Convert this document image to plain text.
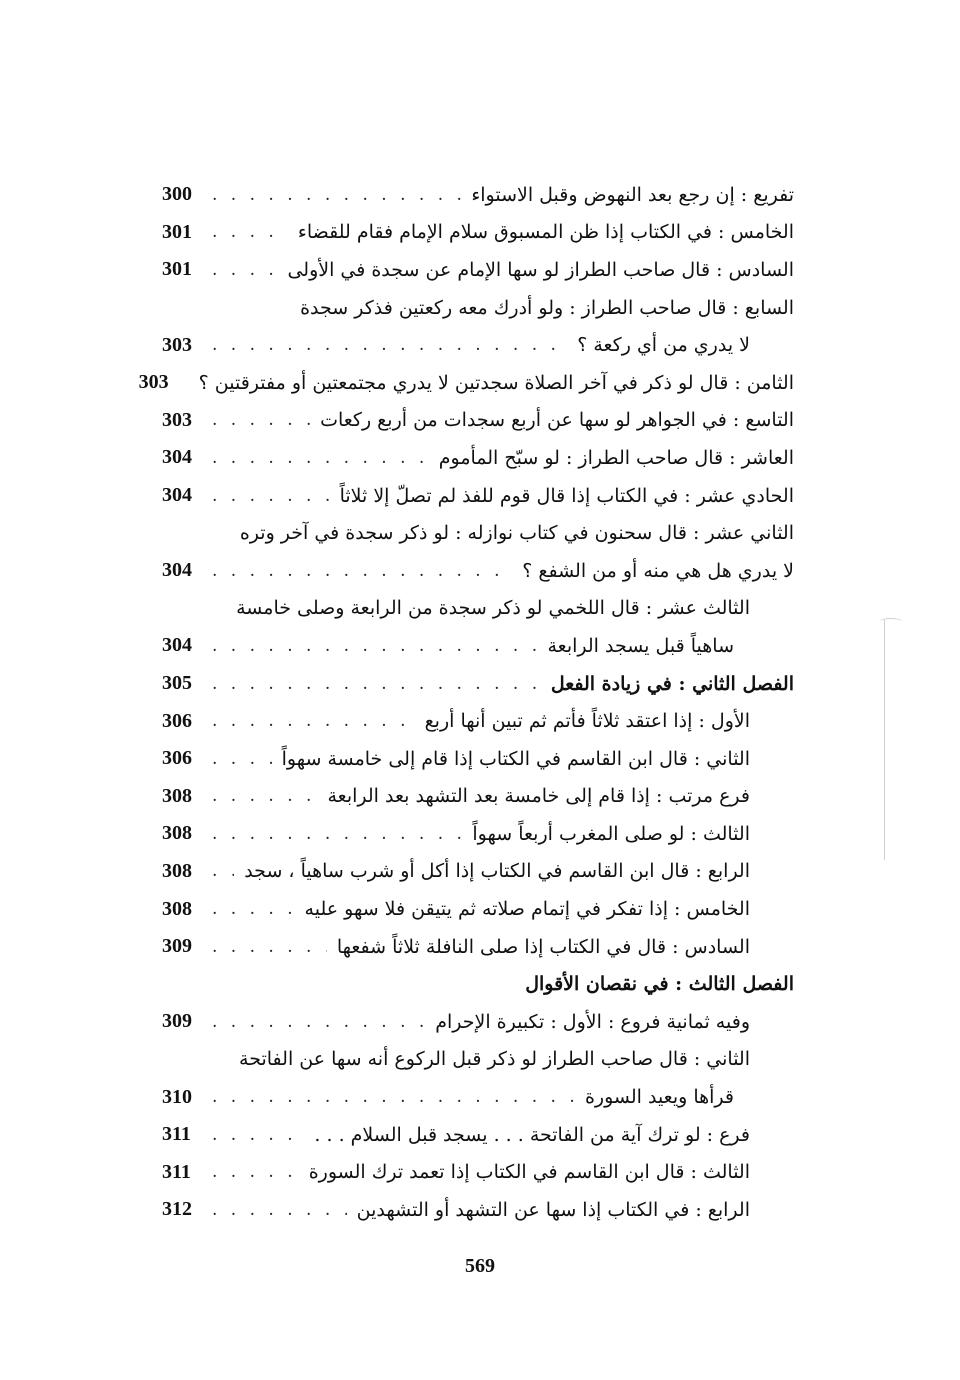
تفريع : إن رجع بعد النهوض وقبل الاستواء
. . .
300
الخامس : في الكتاب إذا ظن المسبوق سلام الإمام فقام للقضاء
. . .
301
السادس : قال صاحب الطراز لو سها الإمام عن سجدة في الأولى
. . .
301
السابع : قال صاحب الطراز : ولو أدرك معه ركعتين فذكر سجدة
لا يدري من أي ركعة ؟
. . .
303
الثامن : قال لو ذكر في آخر الصلاة سجدتين لا يدري مجتمعتين أو مفترقتين ؟
303
التاسع : في الجواهر لو سها عن أربع سجدات من أربع ركعات
. . .
303
العاشر : قال صاحب الطراز : لو سبّح المأموم
. . .
304
الحادي عشر : في الكتاب إذا قال قوم للفذ لم تصلّ إلا ثلاثاً
. . .
304
الثاني عشر : قال سحنون في كتاب نوازله : لو ذكر سجدة في آخر وتره
لا يدري هل هي منه أو من الشفع ؟
. . .
304
الثالث عشر : قال اللخمي لو ذكر سجدة من الرابعة وصلى خامسة
ساهياً قبل يسجد الرابعة
. . .
304
الفصل الثاني : في زيادة الفعل
. . .
305
الأول : إذا اعتقد ثلاثاً فأتم ثم تبين أنها أربع
. . .
306
الثاني : قال ابن القاسم في الكتاب إذا قام إلى خامسة سهواً
. . .
306
فرع مرتب : إذا قام إلى خامسة بعد التشهد بعد الرابعة
. . .
308
الثالث : لو صلى المغرب أربعاً سهواً
. . .
308
الرابع : قال ابن القاسم في الكتاب إذا أكل أو شرب ساهياً ، سجد
. . .
308
الخامس : إذا تفكر في إتمام صلاته ثم يتيقن فلا سهو عليه
. . .
308
السادس : قال في الكتاب إذا صلى النافلة ثلاثاً شفعها
. . .
309
الفصل الثالث : في نقصان الأقوال
وفيه ثمانية فروع : الأول : تكبيرة الإحرام
. . .
309
الثاني : قال صاحب الطراز لو ذكر قبل الركوع أنه سها عن الفاتحة
قرأها ويعيد السورة
. . .
310
فرع : لو ترك آية من الفاتحة . . . يسجد قبل السلام . . .
. . .
311
الثالث : قال ابن القاسم في الكتاب إذا تعمد ترك السورة
. . .
311
الرابع : في الكتاب إذا سها عن التشهد أو التشهدين
. . .
312
569
